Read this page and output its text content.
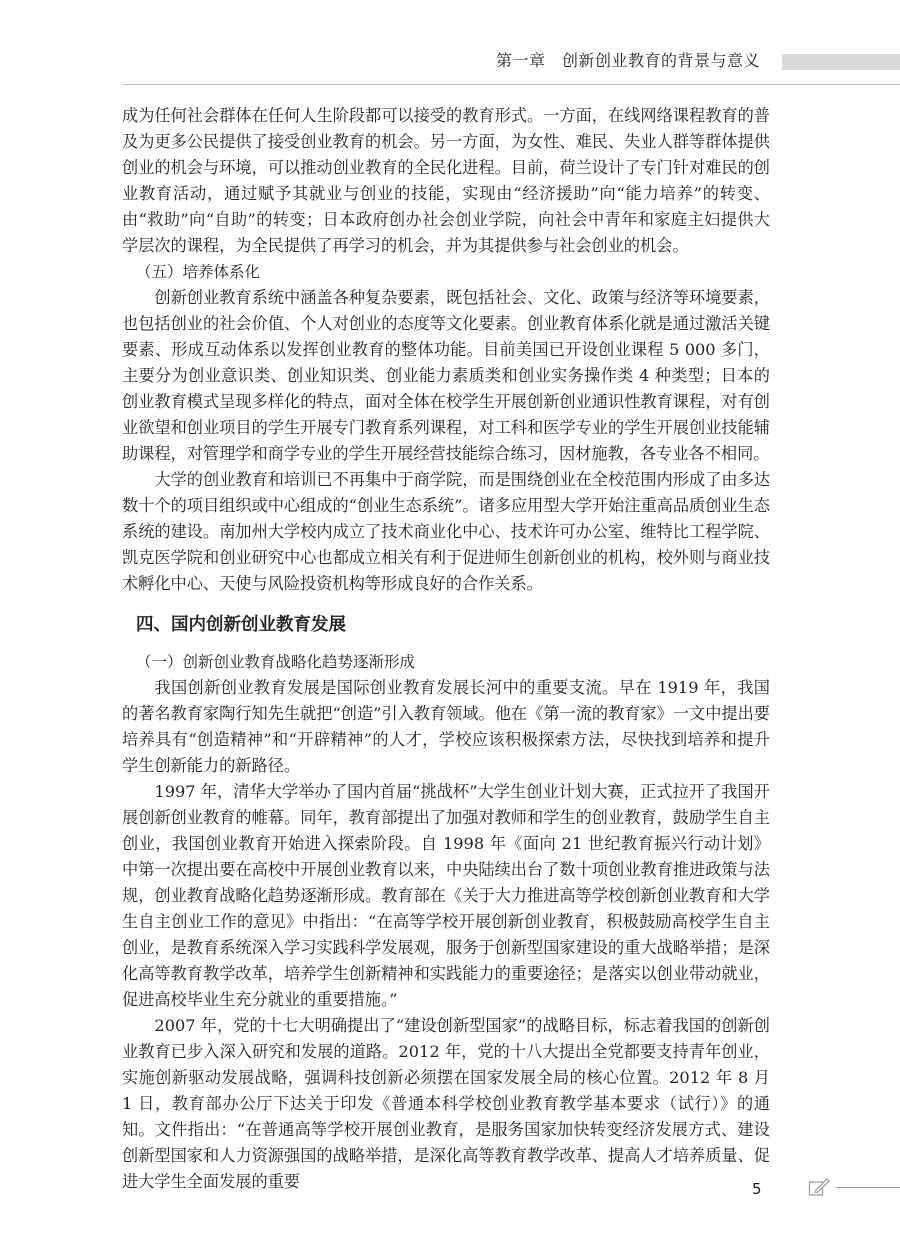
第一章　创新创业教育的背景与意义

成为任何社会群体在任何人生阶段都可以接受的教育形式。一方面，在线网络课程教育的普及为更多公民提供了接受创业教育的机会。另一方面，为女性、难民、失业人群等群体提供创业的机会与环境，可以推动创业教育的全民化进程。目前，荷兰设计了专门针对难民的创业教育活动，通过赋予其就业与创业的技能，实现由“经济援助”向“能力培养”的转变、由“救助”向“自助”的转变；日本政府创办社会创业学院，向社会中青年和家庭主妇提供大学层次的课程，为全民提供了再学习的机会，并为其提供参与社会创业的机会。

（五）培养体系化

创新创业教育系统中涵盖各种复杂要素，既包括社会、文化、政策与经济等环境要素，也包括创业的社会价值、个人对创业的态度等文化要素。创业教育体系化就是通过激活关键要素、形成互动体系以发挥创业教育的整体功能。目前美国已开设创业课程 5 000 多门，主要分为创业意识类、创业知识类、创业能力素质类和创业实务操作类 4 种类型；日本的创业教育模式呈现多样化的特点，面对全体在校学生开展创新创业通识性教育课程，对有创业欲望和创业项目的学生开展专门教育系列课程，对工科和医学专业的学生开展创业技能辅助课程，对管理学和商学专业的学生开展经营技能综合练习，因材施教，各专业各不相同。

大学的创业教育和培训已不再集中于商学院，而是围绕创业在全校范围内形成了由多达数十个的项目组织或中心组成的“创业生态系统”。诸多应用型大学开始注重高品质创业生态系统的建设。南加州大学校内成立了技术商业化中心、技术许可办公室、维特比工程学院、凯克医学院和创业研究中心也都成立相关有利于促进师生创新创业的机构，校外则与商业技术孵化中心、天使与风险投资机构等形成良好的合作关系。

四、国内创新创业教育发展

（一）创新创业教育战略化趋势逐渐形成

我国创新创业教育发展是国际创业教育发展长河中的重要支流。早在 1919 年，我国的著名教育家陶行知先生就把“创造”引入教育领域。他在《第一流的教育家》一文中提出要培养具有“创造精神”和“开辟精神”的人才，学校应该积极探索方法，尽快找到培养和提升学生创新能力的新路径。

1997 年，清华大学举办了国内首届“挑战杯”大学生创业计划大赛，正式拉开了我国开展创新创业教育的帷幕。同年，教育部提出了加强对教师和学生的创业教育，鼓励学生自主创业，我国创业教育开始进入探索阶段。自 1998 年《面向 21 世纪教育振兴行动计划》中第一次提出要在高校中开展创业教育以来，中央陆续出台了数十项创业教育推进政策与法规，创业教育战略化趋势逐渐形成。教育部在《关于大力推进高等学校创新创业教育和大学生自主创业工作的意见》中指出：“在高等学校开展创新创业教育，积极鼓励高校学生自主创业，是教育系统深入学习实践科学发展观，服务于创新型国家建设的重大战略举措；是深化高等教育教学改革，培养学生创新精神和实践能力的重要途径；是落实以创业带动就业，促进高校毕业生充分就业的重要措施。”

2007 年，党的十七大明确提出了“建设创新型国家”的战略目标，标志着我国的创新创业教育已步入深入研究和发展的道路。2012 年，党的十八大提出全党都要支持青年创业，实施创新驱动发展战略，强调科技创新必须摆在国家发展全局的核心位置。2012 年 8 月 1 日，教育部办公厅下达关于印发《普通本科学校创业教育教学基本要求（试行）》的通知。文件指出：“在普通高等学校开展创业教育，是服务国家加快转变经济发展方式、建设创新型国家和人力资源强国的战略举措，是深化高等教育教学改革、提高人才培养质量、促进大学生全面发展的重要	5
